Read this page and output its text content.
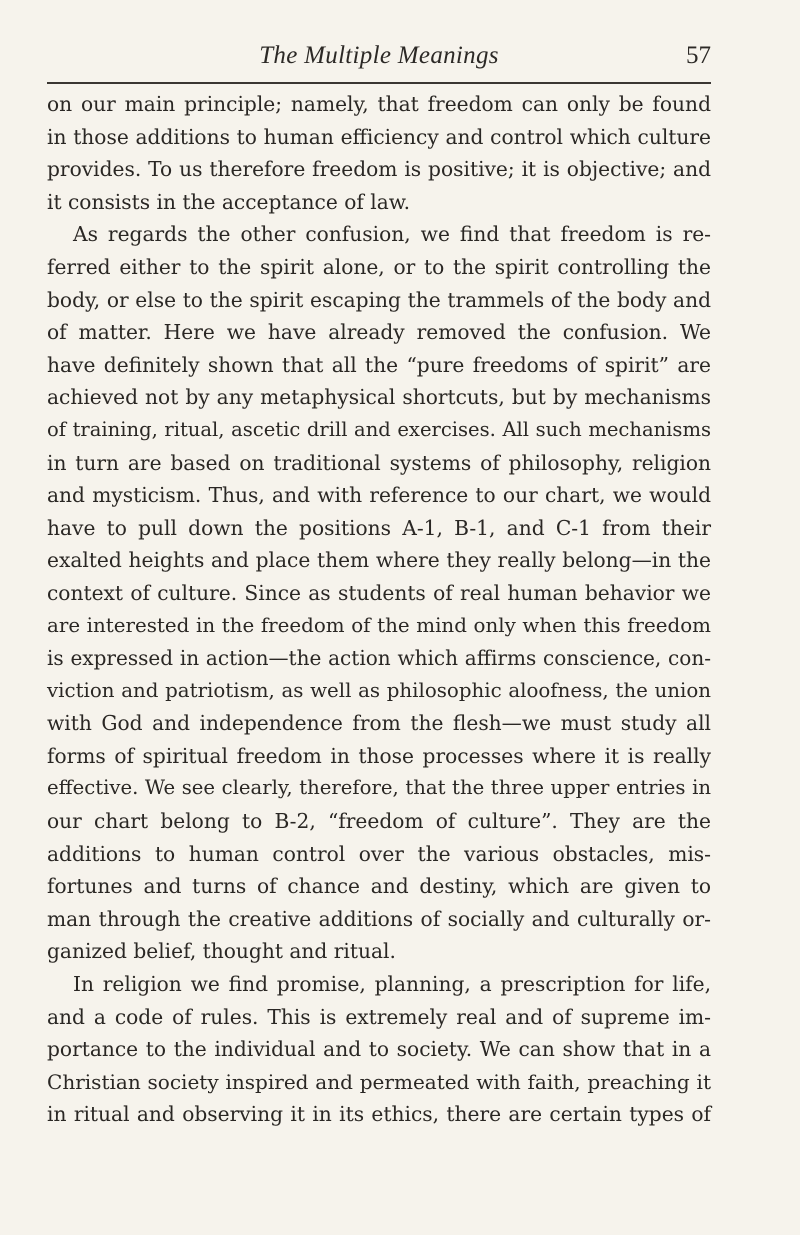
The Multiple Meanings	57
on our main principle; namely, that freedom can only be found
in those additions to human efficiency and control which culture
provides. To us therefore freedom is positive; it is objective; and
it consists in the acceptance of law.
As regards the other confusion, we find that freedom is re-
ferred either to the spirit alone, or to the spirit controlling the
body, or else to the spirit escaping the trammels of the body and
of matter. Here we have already removed the confusion. We
have definitely shown that all the “pure freedoms of spirit” are
achieved not by any metaphysical shortcuts, but by mechanisms
of training, ritual, ascetic drill and exercises. All such mechanisms
in turn are based on traditional systems of philosophy, religion
and mysticism. Thus, and with reference to our chart, we would
have to pull down the positions A-1, B-1, and C-1 from their
exalted heights and place them where they really belong—in the
context of culture. Since as students of real human behavior we
are interested in the freedom of the mind only when this freedom
is expressed in action—the action which affirms conscience, con-
viction and patriotism, as well as philosophic aloofness, the union
with God and independence from the flesh—we must study all
forms of spiritual freedom in those processes where it is really
effective. We see clearly, therefore, that the three upper entries in
our chart belong to B-2, “freedom of culture”. They are the
additions to human control over the various obstacles, mis-
fortunes and turns of chance and destiny, which are given to
man through the creative additions of socially and culturally or-
ganized belief, thought and ritual.
In religion we find promise, planning, a prescription for life,
and a code of rules. This is extremely real and of supreme im-
portance to the individual and to society. We can show that in a
Christian society inspired and permeated with faith, preaching it
in ritual and observing it in its ethics, there are certain types of
